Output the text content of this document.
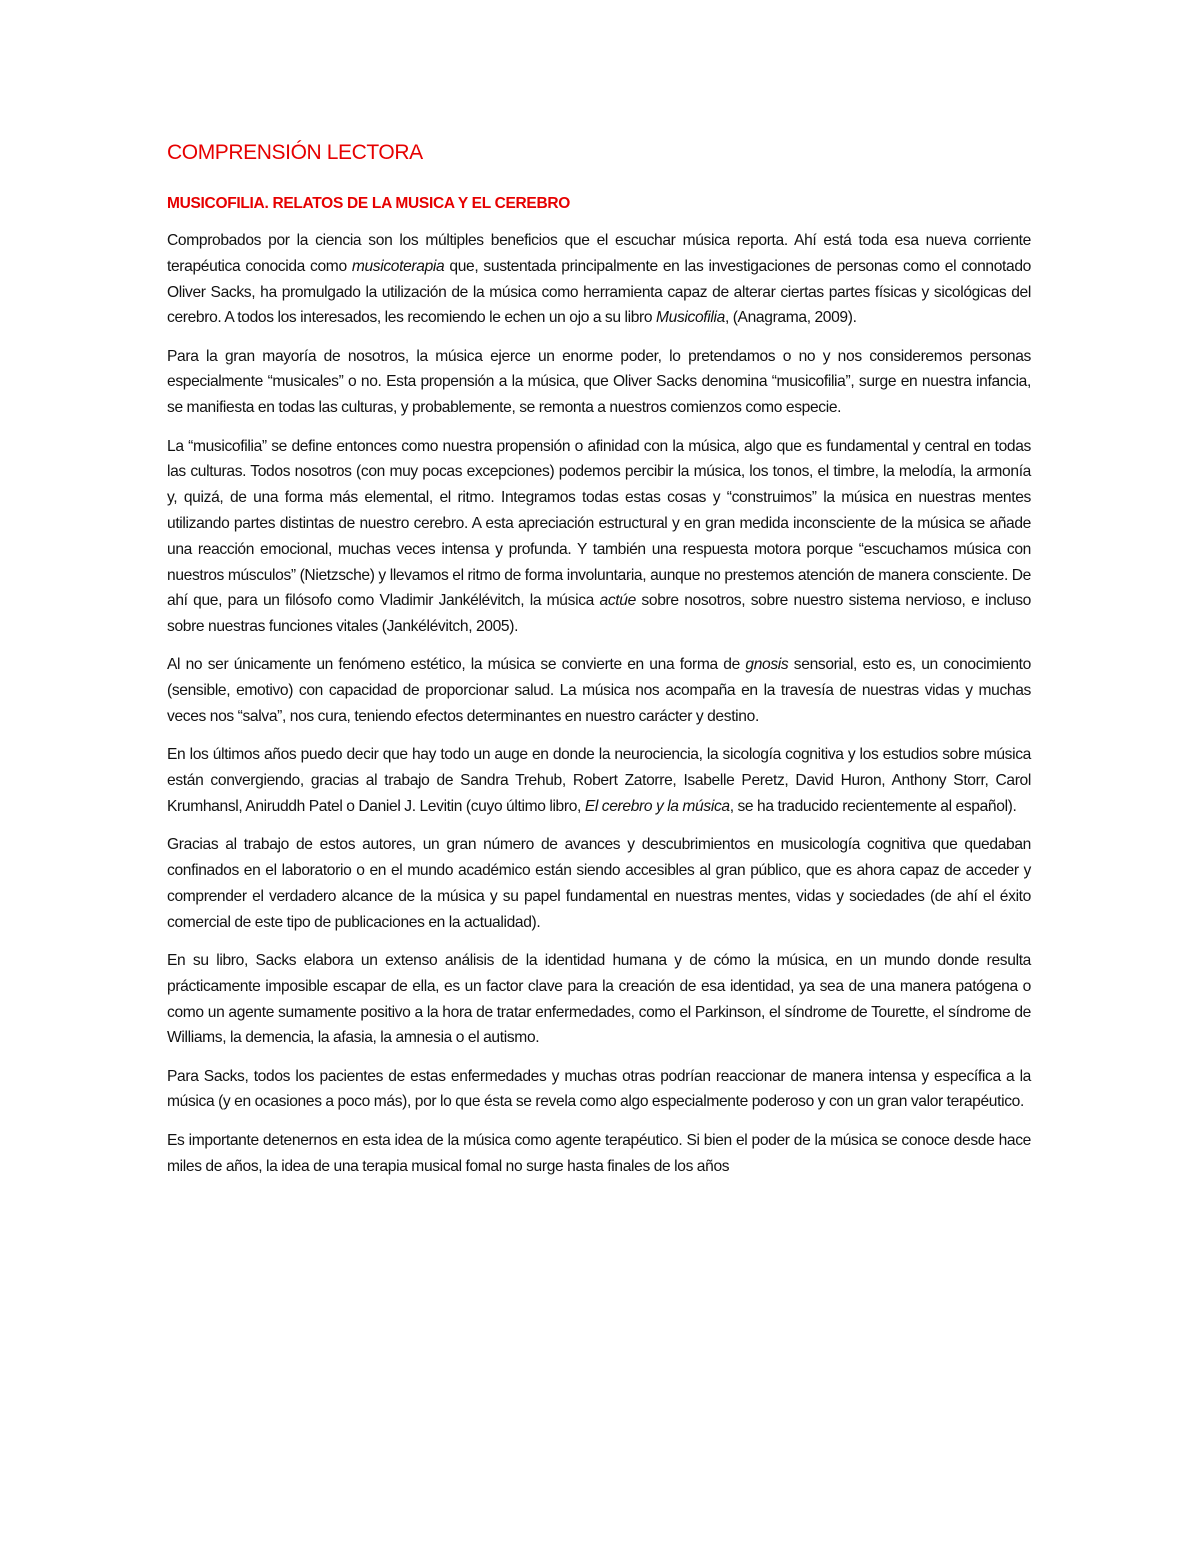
COMPRENSIÓN LECTORA
MUSICOFILIA. RELATOS DE LA MUSICA Y EL CEREBRO

Comprobados por la ciencia son los múltiples beneficios que el escuchar música reporta. Ahí está toda esa nueva corriente terapéutica conocida como musicoterapia que, sustentada principalmente en las investigaciones de personas como el connotado Oliver Sacks, ha promulgado la utilización de la música como herramienta capaz de alterar ciertas partes físicas y sicológicas del cerebro. A todos los interesados, les recomiendo le echen un ojo a su libro Musicofilia, (Anagrama, 2009).

Para la gran mayoría de nosotros, la música ejerce un enorme poder, lo pretendamos o no y nos consideremos personas especialmente “musicales” o no. Esta propensión a la música, que Oliver Sacks denomina “musicofilia”, surge en nuestra infancia, se manifiesta en todas las culturas, y probablemente, se remonta a nuestros comienzos como especie.

La “musicofilia” se define entonces como nuestra propensión o afinidad con la música, algo que es fundamental y central en todas las culturas. Todos nosotros (con muy pocas excepciones) podemos percibir la música, los tonos, el timbre, la melodía, la armonía y, quizá, de una forma más elemental, el ritmo. Integramos todas estas cosas y “construimos” la música en nuestras mentes utilizando partes distintas de nuestro cerebro. A esta apreciación estructural y en gran medida inconsciente de la música se añade una reacción emocional, muchas veces intensa y profunda. Y también una respuesta motora porque “escuchamos música con nuestros músculos” (Nietzsche) y llevamos el ritmo de forma involuntaria, aunque no prestemos atención de manera consciente. De ahí que, para un filósofo como Vladimir Jankélévitch, la música actúe sobre nosotros, sobre nuestro sistema nervioso, e incluso sobre nuestras funciones vitales (Jankélévitch, 2005).

Al no ser únicamente un fenómeno estético, la música se convierte en una forma de gnosis sensorial, esto es, un conocimiento (sensible, emotivo) con capacidad de proporcionar salud. La música nos acompaña en la travesía de nuestras vidas y muchas veces nos “salva”, nos cura, teniendo efectos determinantes en nuestro carácter y destino.

En los últimos años puedo decir que hay todo un auge en donde la neurociencia, la sicología cognitiva y los estudios sobre música están convergiendo, gracias al trabajo de Sandra Trehub, Robert Zatorre, Isabelle Peretz, David Huron, Anthony Storr, Carol Krumhansl, Aniruddh Patel o Daniel J. Levitin (cuyo último libro, El cerebro y la música, se ha traducido recientemente al español).

Gracias al trabajo de estos autores, un gran número de avances y descubrimientos en musicología cognitiva que quedaban confinados en el laboratorio o en el mundo académico están siendo accesibles al gran público, que es ahora capaz de acceder y comprender el verdadero alcance de la música y su papel fundamental en nuestras mentes, vidas y sociedades (de ahí el éxito comercial de este tipo de publicaciones en la actualidad).

En su libro, Sacks elabora un extenso análisis de la identidad humana y de cómo la música, en un mundo donde resulta prácticamente imposible escapar de ella, es un factor clave para la creación de esa identidad, ya sea de una manera patógena o como un agente sumamente positivo a la hora de tratar enfermedades, como el Parkinson, el síndrome de Tourette, el síndrome de Williams, la demencia, la afasia, la amnesia o el autismo.

Para Sacks, todos los pacientes de estas enfermedades y muchas otras podrían reaccionar de manera intensa y específica a la música (y en ocasiones a poco más), por lo que ésta se revela como algo especialmente poderoso y con un gran valor terapéutico.

Es importante detenernos en esta idea de la música como agente terapéutico. Si bien el poder de la música se conoce desde hace miles de años, la idea de una terapia musical fomal no surge hasta finales de los años
